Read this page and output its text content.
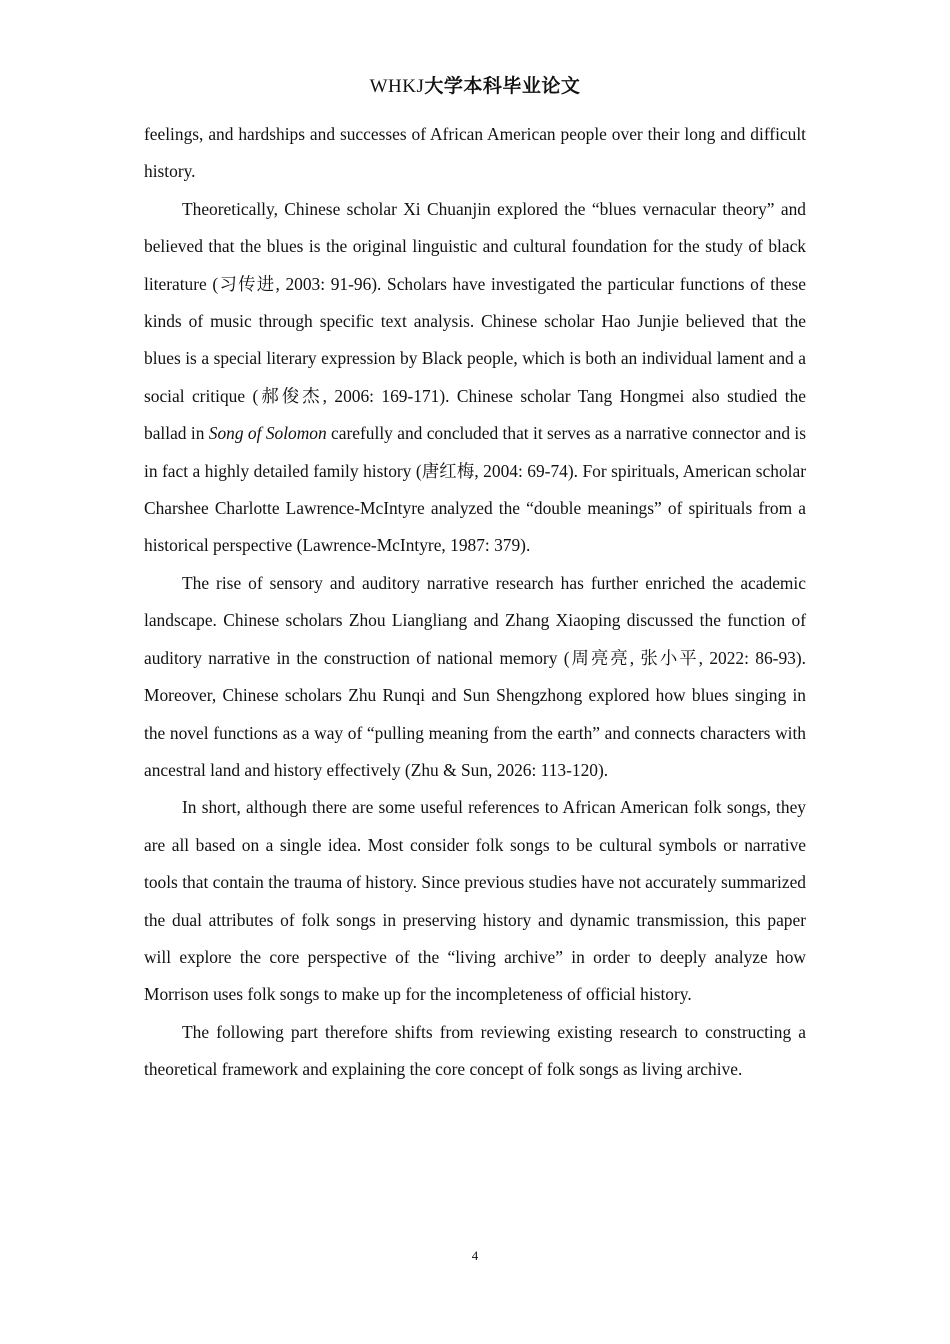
WHKJ大学本科毕业论文

feelings, and hardships and successes of African American people over their long and difficult history.

Theoretically, Chinese scholar Xi Chuanjin explored the “blues vernacular theory” and believed that the blues is the original linguistic and cultural foundation for the study of black literature (习传进, 2003: 91-96). Scholars have investigated the particular functions of these kinds of music through specific text analysis. Chinese scholar Hao Junjie believed that the blues is a special literary expression by Black people, which is both an individual lament and a social critique (郝俊杰, 2006: 169-171). Chinese scholar Tang Hongmei also studied the ballad in Song of Solomon carefully and concluded that it serves as a narrative connector and is in fact a highly detailed family history (唐红梅, 2004: 69-74). For spirituals, American scholar Charshee Charlotte Lawrence-McIntyre analyzed the “double meanings” of spirituals from a historical perspective (Lawrence-McIntyre, 1987: 379).

The rise of sensory and auditory narrative research has further enriched the academic landscape. Chinese scholars Zhou Liangliang and Zhang Xiaoping discussed the function of auditory narrative in the construction of national memory (周亮亮, 张小平, 2022: 86-93). Moreover, Chinese scholars Zhu Runqi and Sun Shengzhong explored how blues singing in the novel functions as a way of “pulling meaning from the earth” and connects characters with ancestral land and history effectively (Zhu & Sun, 2026: 113-120).

In short, although there are some useful references to African American folk songs, they are all based on a single idea. Most consider folk songs to be cultural symbols or narrative tools that contain the trauma of history. Since previous studies have not accurately summarized the dual attributes of folk songs in preserving history and dynamic transmission, this paper will explore the core perspective of the “living archive” in order to deeply analyze how Morrison uses folk songs to make up for the incompleteness of official history.

The following part therefore shifts from reviewing existing research to constructing a theoretical framework and explaining the core concept of folk songs as living archive.

4
